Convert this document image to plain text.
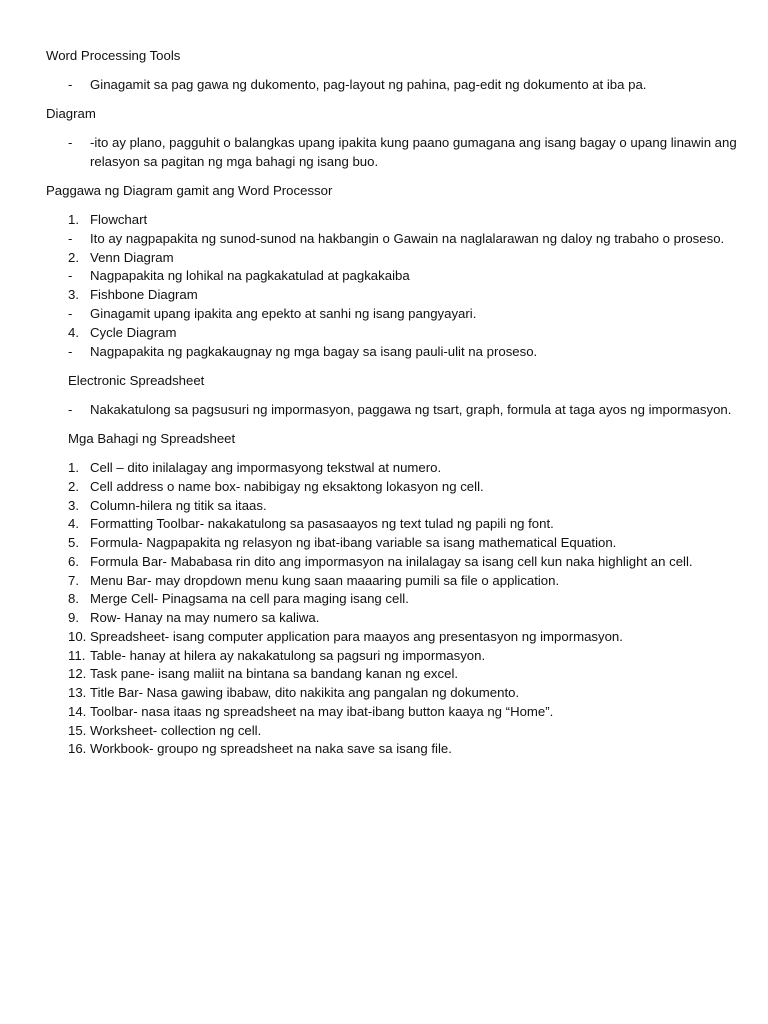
Word Processing Tools
- Ginagamit sa pag gawa ng dukomento, pag-layout ng pahina, pag-edit ng dokumento at iba pa.
Diagram
- -ito ay plano, pagguhit o balangkas upang ipakita kung paano gumagana ang isang bagay o upang linawin ang
relasyon sa pagitan ng mga bahagi ng isang buo.
Paggawa ng Diagram gamit ang Word Processor
1. Flowchart
- Ito ay nagpapakita ng sunod-sunod na hakbangin o Gawain na naglalarawan ng daloy ng trabaho o proseso.
2. Venn Diagram
- Nagpapakita ng lohikal na pagkakatulad at pagkakaiba
3. Fishbone Diagram
- Ginagamit upang ipakita ang epekto at sanhi ng isang pangyayari.
4. Cycle Diagram
- Nagpapakita ng pagkakaugnay ng mga bagay sa isang pauli-ulit na proseso.
Electronic Spreadsheet
- Nakakatulong sa pagsusuri ng impormasyon, paggawa ng tsart, graph, formula at taga ayos ng impormasyon.
Mga Bahagi ng Spreadsheet
1. Cell – dito inilalagay ang impormasyong tekstwal at numero.
2. Cell address o name box- nabibigay ng eksaktong lokasyon ng cell.
3. Column-hilera ng titik sa itaas.
4. Formatting Toolbar- nakakatulong sa pasasaayos ng text tulad ng papili ng font.
5. Formula- Nagpapakita ng relasyon ng ibat-ibang variable sa isang mathematical Equation.
6. Formula Bar- Mababasa rin dito ang impormasyon na inilalagay sa isang cell kun naka highlight an cell.
7. Menu Bar- may dropdown menu kung saan maaaring pumili sa file o application.
8. Merge Cell- Pinagsama na cell para maging isang cell.
9. Row- Hanay na may numero sa kaliwa.
10. Spreadsheet- isang computer application para maayos ang presentasyon ng impormasyon.
11. Table- hanay at hilera ay nakakatulong sa pagsuri ng impormasyon.
12. Task pane- isang maliit na bintana sa bandang kanan ng excel.
13. Title Bar- Nasa gawing ibabaw, dito nakikita ang pangalan ng dokumento.
14. Toolbar- nasa itaas ng spreadsheet na may ibat-ibang button kaaya ng “Home”.
15. Worksheet- collection ng cell.
16. Workbook- groupo ng spreadsheet na naka save sa isang file.
